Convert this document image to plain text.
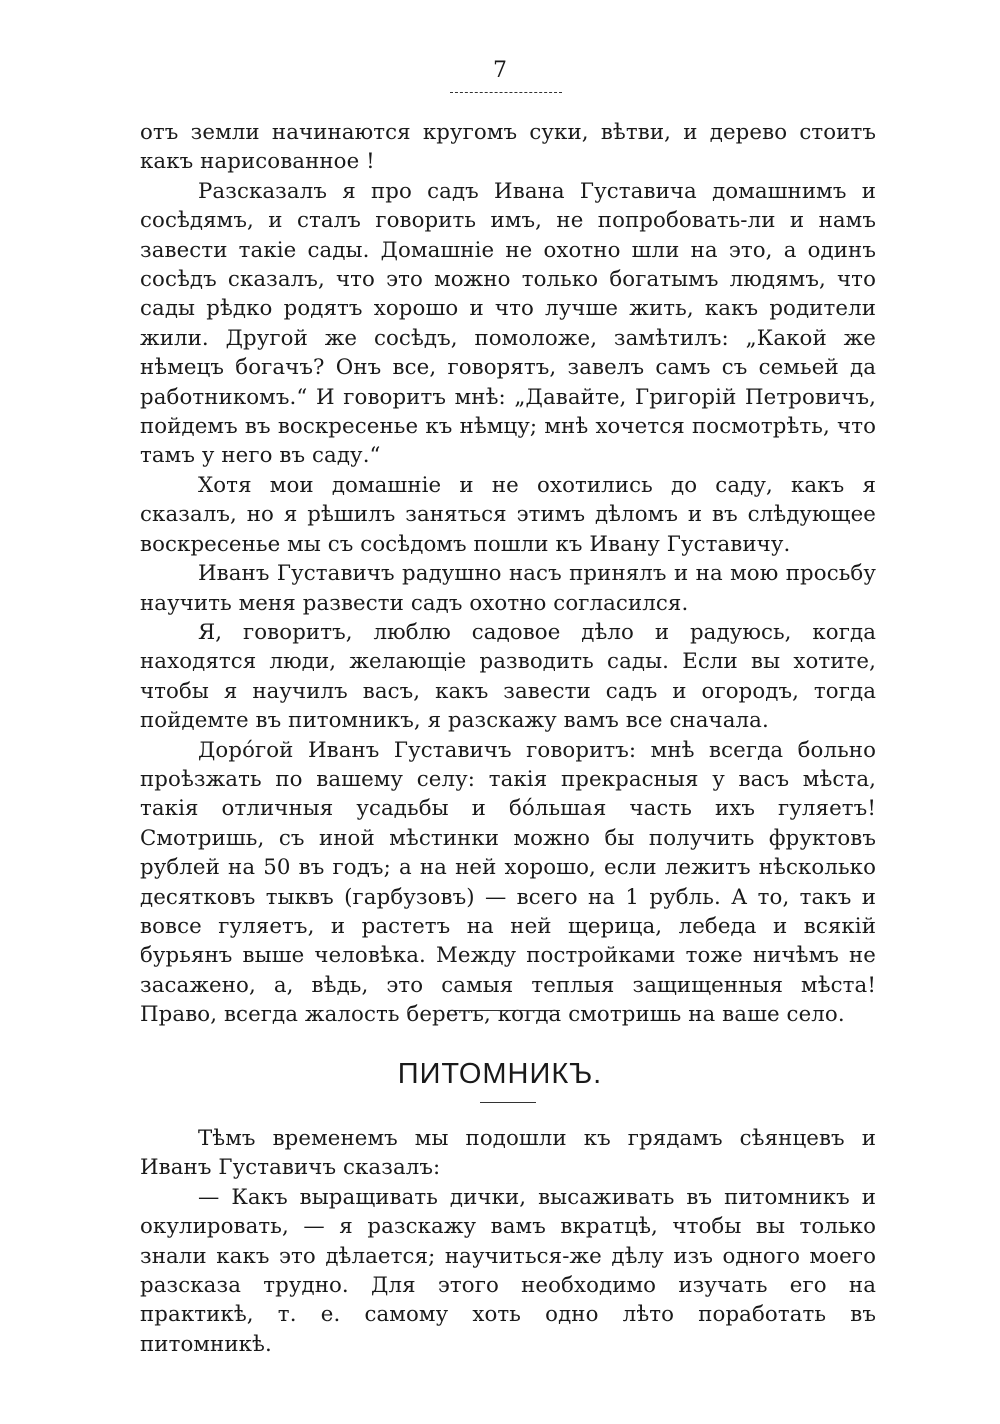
7

отъ земли начинаются кругомъ суки, вѣтви, и дерево стоитъ какъ нарисованное !

Разсказалъ я про садъ Ивана Густавича домашнимъ и сосѣдямъ, и сталъ говорить имъ, не попробовать-ли и намъ завести такіе сады. Домашніе не охотно шли на это, а одинъ сосѣдъ сказалъ, что это можно только богатымъ людямъ, что сады рѣдко родятъ хорошо и что лучше жить, какъ родители жили. Другой же сосѣдъ, помоложе, замѣтилъ: „Какой же нѣмецъ богачъ? Онъ все, говорятъ, завелъ самъ съ семьей да работникомъ.“ И говоритъ мнѣ: „Давайте, Григорій Петровичъ, пойдемъ въ воскресенье къ нѣмцу; мнѣ хочется посмотрѣть, что тамъ у него въ саду.“

Хотя мои домашніе и не охотились до саду, какъ я сказалъ, но я рѣшилъ заняться этимъ дѣломъ и въ слѣдующее воскресенье мы съ сосѣдомъ пошли къ Ивану Густавичу.

Иванъ Густавичъ радушно насъ принялъ и на мою просьбу научить меня развести садъ охотно согласился.

Я, говоритъ, люблю садовое дѣло и радуюсь, когда находятся люди, желающіе разводить сады. Если вы хотите, чтобы я научилъ васъ, какъ завести садъ и огородъ, тогда пойдемте въ питомникъ, я разскажу вамъ все сначала.

Дорóгой Иванъ Густавичъ говоритъ: мнѣ всегда больно проѣзжать по вашему селу: такія прекрасныя у васъ мѣста, такія отличныя усадьбы и бóльшая часть ихъ гуляетъ! Смотришь, съ иной мѣстинки можно бы получить фруктовъ рублей на 50 въ годъ; а на ней хорошо, если лежитъ нѣсколько десятковъ тыквъ (гарбузовъ) — всего на 1 рубль. А то, такъ и вовсе гуляетъ, и растетъ на ней щерица, лебеда и всякій бурьянъ выше человѣка. Между постройками тоже ничѣмъ не засажено, а, вѣдь, это самыя теплыя защищенныя мѣста! Право, всегда жалость беретъ, когда смотришь на ваше село.

ПИТОМНИКЪ.

Тѣмъ временемъ мы подошли къ грядамъ сѣянцевъ и Иванъ Густавичъ сказалъ:

— Какъ выращивать дички, высаживать въ питомникъ и окулировать, — я разскажу вамъ вкратцѣ, чтобы вы только знали какъ это дѣлается; научиться-же дѣлу изъ одного моего разсказа трудно. Для этого необходимо изучать его на практикѣ, т. е. самому хоть одно лѣто поработать въ питомникѣ.
